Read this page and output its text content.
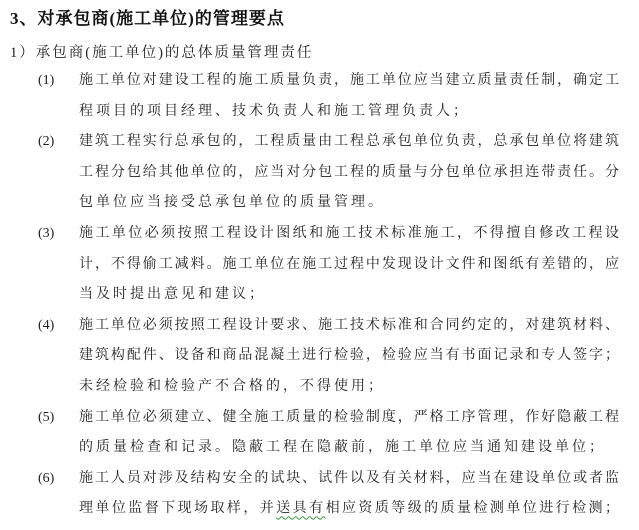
3、对承包商(施工单位)的管理要点
1）承包商(施工单位)的总体质量管理责任
(1) 施工单位对建设工程的施工质量负责，施工单位应当建立质量责任制，确定工
程项目的项目经理、技术负责人和施工管理负责人；
(2) 建筑工程实行总承包的，工程质量由工程总承包单位负责，总承包单位将建筑
工程分包给其他单位的，应当对分包工程的质量与分包单位承担连带责任。分
包单位应当接受总承包单位的质量管理。
(3) 施工单位必须按照工程设计图纸和施工技术标准施工，不得擅自修改工程设
计，不得偷工减料。施工单位在施工过程中发现设计文件和图纸有差错的，应
当及时提出意见和建议；
(4) 施工单位必须按照工程设计要求、施工技术标准和合同约定的，对建筑材料、
建筑构配件、设备和商品混凝土进行检验，检验应当有书面记录和专人签字；
未经检验和检验产不合格的，不得使用；
(5) 施工单位必须建立、健全施工质量的检验制度，严格工序管理，作好隐蔽工程
的质量检查和记录。隐蔽工程在隐蔽前，施工单位应当通知建设单位；
(6) 施工人员对涉及结构安全的试块、试件以及有关材料，应当在建设单位或者监
理单位监督下现场取样，并送具有相应资质等级的质量检测单位进行检测；
